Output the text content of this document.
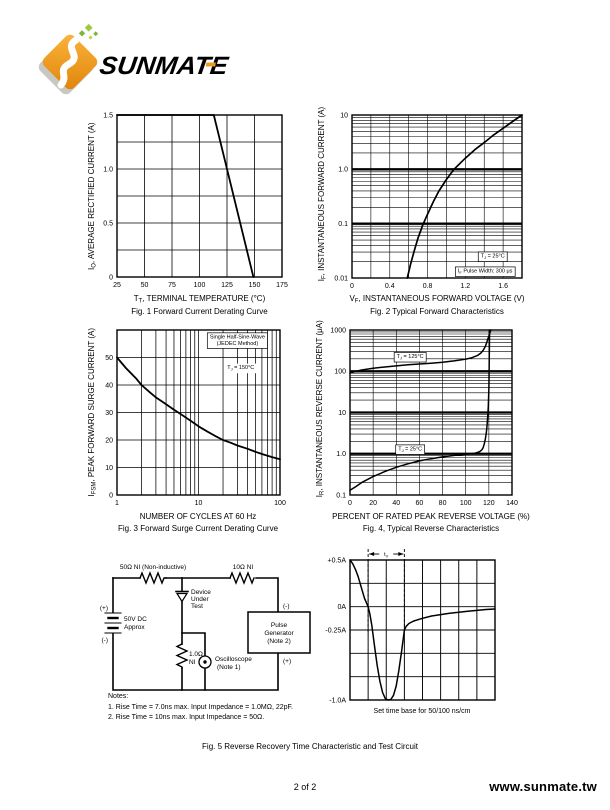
SUNMATE
25	50	75	100 125 150 175
0
0.5
1.0
1.5
$I_O$, AVERAGE RECTIFIED CURRENT (A)
$T_T$, TERMINAL TEMPERATURE (°C)
Fig. 1 Forward Current Derating Curve
0	0.4	0.8	1.2	1.6
0.01
0.1
1.0
10
$T_J = 25^\circ C$
$I_F$ Pulse Width: 300 μs
$I_F$, INSTANTANEOUS FORWARD CURRENT (A)
$V_F$, INSTANTANEOUS FORWARD VOLTAGE (V)
Fig. 2 Typical Forward Characteristics
1	10	100
0
10
20
30
40
50
Single Half-Sine-Wave
(JEDEC Method)
$T_J = 150^\circ C$
$I_{FSM}$, PEAK FORWARD SURGE CURRENT (A)
NUMBER OF CYCLES AT 60 Hz
Fig. 3 Forward Surge Current Derating Curve
0 20 40 60 80 100 120 140
0.1
1.0
10
100
1000
$T_J = 125^\circ C$
$T_J = 25^\circ C$
$I_R$, INSTANTANEOUS REVERSE CURRENT (μA)
PERCENT OF RATED PEAK REVERSE VOLTAGE (%)
Fig. 4, Typical Reverse Characteristics
50Ω NI (Non-inductive)	10Ω NI
Device
Under
Test
(+)
(-)
50V DC
Approx
(-)
(+)
Pulse
Generator
(Note 2)
1.0Ω
NI	Oscilloscope
(Note 1)
Notes:
1. Rise Time = 7.0ns max. Input Impedance = 1.0MΩ, 22pF.
2. Rise Time = 10ns max. Input Impedance = 50Ω.
+0.5A
0A
-0.25A
-1.0A
$t_{rr}$
Set time base for 50/100 ns/cm
Fig. 5 Reverse Recovery Time Characteristic and Test Circuit
2 of 2	www.sunmate.tw
